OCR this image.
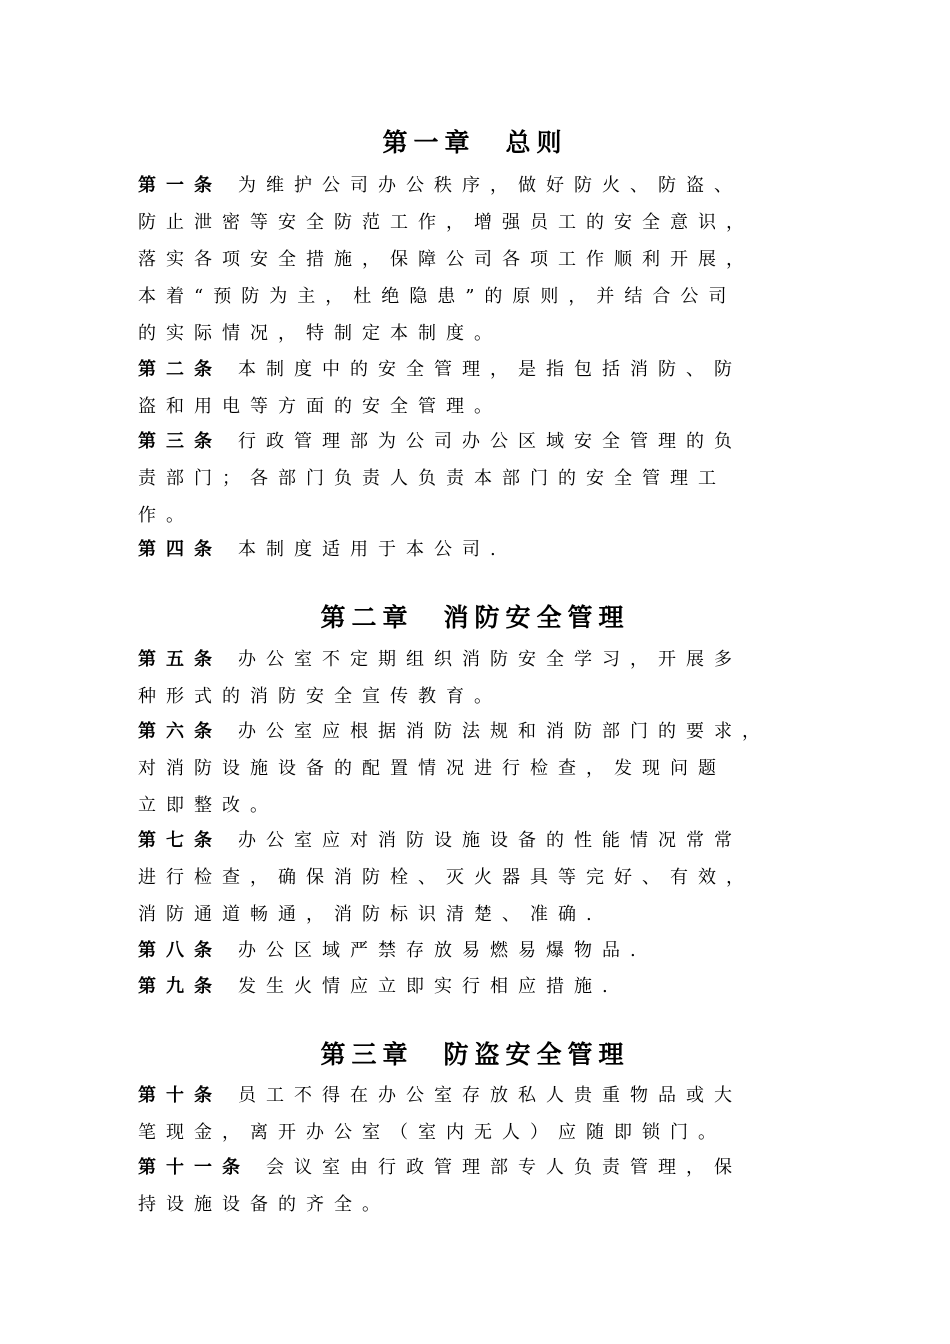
第一章 总则
第一条 为维护公司办公秩序，做好防火、防盗、
防止泄密等安全防范工作，增强员工的安全意识，
落实各项安全措施，保障公司各项工作顺利开展，
本着“预防为主，杜绝隐患”的原则，并结合公司
的实际情况，特制定本制度。
第二条 本制度中的安全管理，是指包括消防、防
盗和用电等方面的安全管理。
第三条 行政管理部为公司办公区域安全管理的负
责部门；各部门负责人负责本部门的安全管理工
作。
第四条 本制度适用于本公司.
第二章 消防安全管理
第五条 办公室不定期组织消防安全学习，开展多
种形式的消防安全宣传教育。
第六条 办公室应根据消防法规和消防部门的要求，
对消防设施设备的配置情况进行检查，发现问题
立即整改。
第七条 办公室应对消防设施设备的性能情况常常
进行检查，确保消防栓、灭火器具等完好、有效，
消防通道畅通，消防标识清楚、准确.
第八条 办公区域严禁存放易燃易爆物品.
第九条 发生火情应立即实行相应措施.
第三章 防盗安全管理
第十条 员工不得在办公室存放私人贵重物品或大
笔现金，离开办公室（室内无人）应随即锁门。
第十一条 会议室由行政管理部专人负责管理，保
持设施设备的齐全。
